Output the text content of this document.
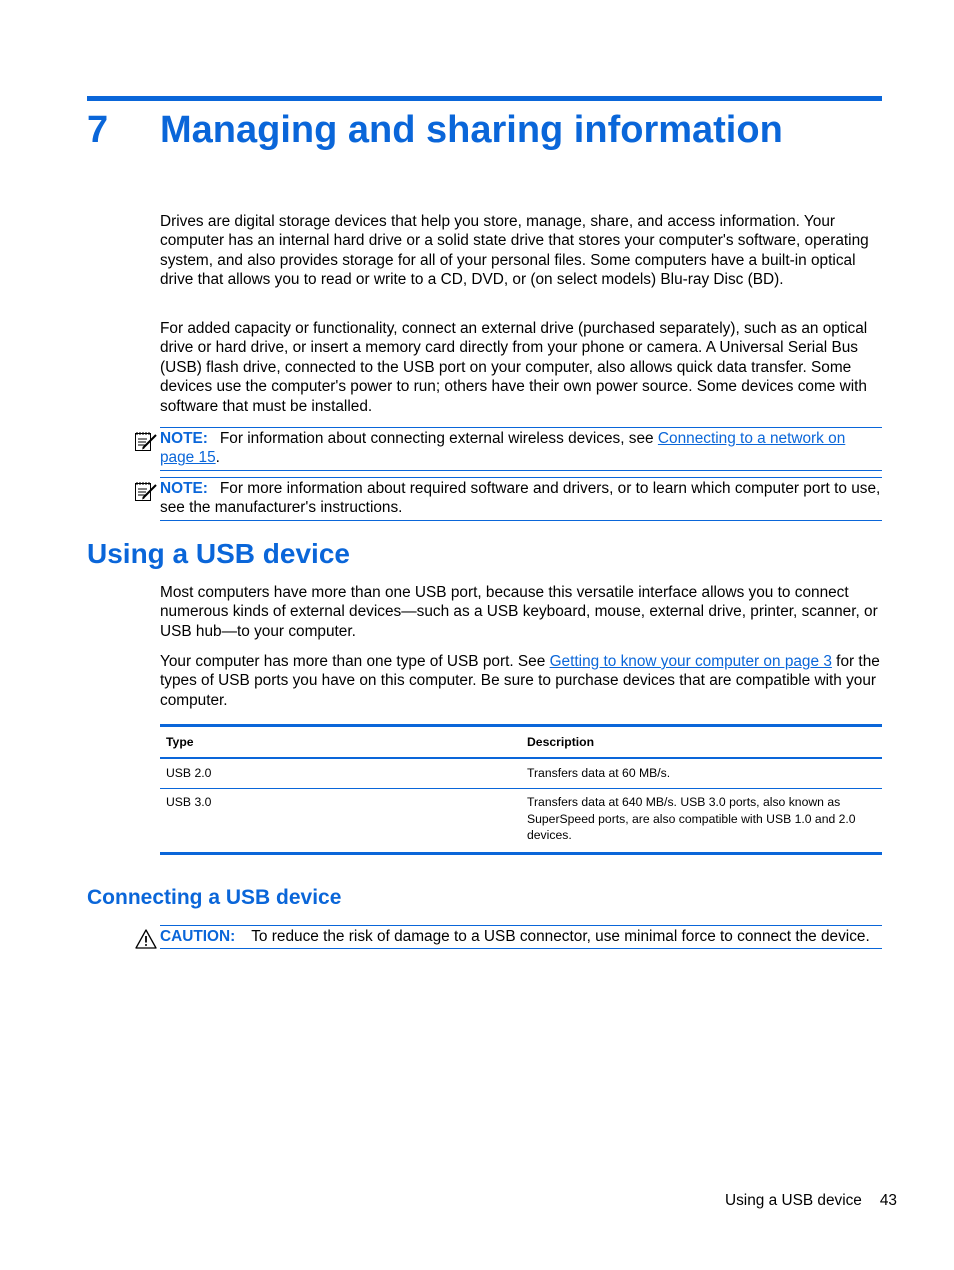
7 Managing and sharing information

Drives are digital storage devices that help you store, manage, share, and access information. Your computer has an internal hard drive or a solid state drive that stores your computer's software, operating system, and also provides storage for all of your personal files. Some computers have a built-in optical drive that allows you to read or write to a CD, DVD, or (on select models) Blu-ray Disc (BD).

For added capacity or functionality, connect an external drive (purchased separately), such as an optical drive or hard drive, or insert a memory card directly from your phone or camera. A Universal Serial Bus (USB) flash drive, connected to the USB port on your computer, also allows quick data transfer. Some devices use the computer's power to run; others have their own power source. Some devices come with software that must be installed.

NOTE: For information about connecting external wireless devices, see Connecting to a network on page 15.
NOTE: For more information about required software and drivers, or to learn which computer port to use, see the manufacturer's instructions.
Using a USB device

Most computers have more than one USB port, because this versatile interface allows you to connect numerous kinds of external devices—such as a USB keyboard, mouse, external drive, printer, scanner, or USB hub—to your computer.

Your computer has more than one type of USB port. See Getting to know your computer on page 3 for the types of USB ports you have on this computer. Be sure to purchase devices that are compatible with your computer.

Type	Description
USB 2.0	Transfers data at 60 MB/s.
USB 3.0	Transfers data at 640 MB/s. USB 3.0 ports, also known as SuperSpeed ports, are also compatible with USB 1.0 and 2.0 devices.
Connecting a USB device
CAUTION: To reduce the risk of damage to a USB connector, use minimal force to connect the device.
Using a USB device 43
